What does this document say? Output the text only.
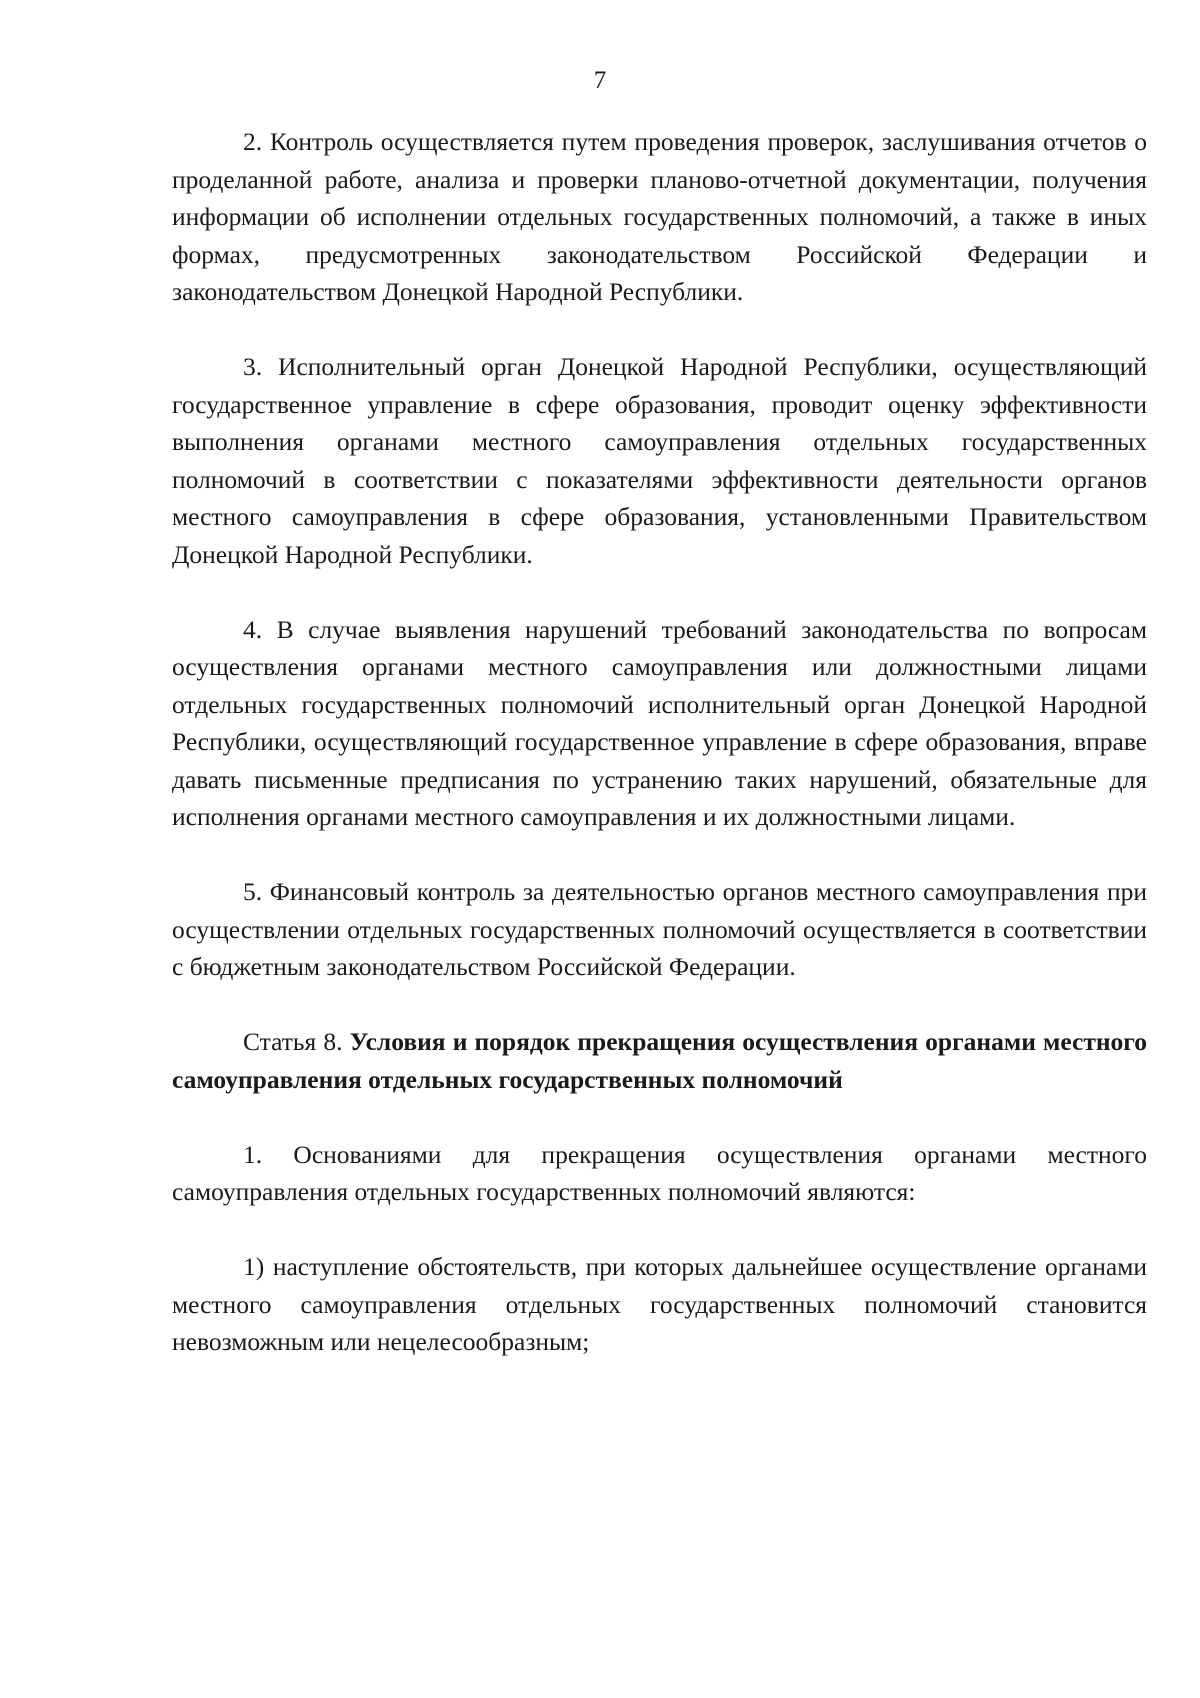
7

2. Контроль осуществляется путем проведения проверок, заслушивания отчетов о проделанной работе, анализа и проверки планово-отчетной документации, получения информации об исполнении отдельных государственных полномочий, а также в иных формах, предусмотренных законодательством Российской Федерации и законодательством Донецкой Народной Республики.

3. Исполнительный орган Донецкой Народной Республики, осуществляющий государственное управление в сфере образования, проводит оценку эффективности выполнения органами местного самоуправления отдельных государственных полномочий в соответствии с показателями эффективности деятельности органов местного самоуправления в сфере образования, установленными Правительством Донецкой Народной Республики.

4. В случае выявления нарушений требований законодательства по вопросам осуществления органами местного самоуправления или должностными лицами отдельных государственных полномочий исполнительный орган Донецкой Народной Республики, осуществляющий государственное управление в сфере образования, вправе давать письменные предписания по устранению таких нарушений, обязательные для исполнения органами местного самоуправления и их должностными лицами.

5. Финансовый контроль за деятельностью органов местного самоуправления при осуществлении отдельных государственных полномочий осуществляется в соответствии с бюджетным законодательством Российской Федерации.

Статья 8. Условия и порядок прекращения осуществления органами местного самоуправления отдельных государственных полномочий

1. Основаниями для прекращения осуществления органами местного самоуправления отдельных государственных полномочий являются:

1) наступление обстоятельств, при которых дальнейшее осуществление органами местного самоуправления отдельных государственных полномочий становится невозможным или нецелесообразным;
